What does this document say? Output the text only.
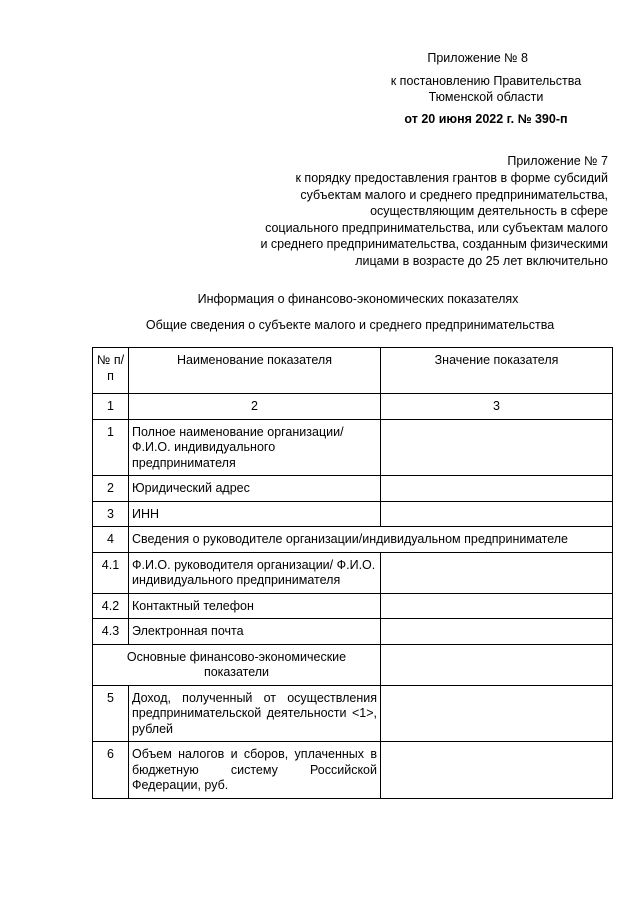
Приложение № 8
к постановлению Правительства
Тюменской области
от 20 июня 2022 г. № 390-п
Приложение № 7
к порядку предоставления грантов в форме субсидий
субъектам малого и среднего предпринимательства,
осуществляющим деятельность в сфере
социального предпринимательства, или субъектам малого
и среднего предпринимательства, созданным физическими
лицами в возрасте до 25 лет включительно
Информация о финансово-экономических показателях
Общие сведения о субъекте малого и среднего предпринимательства
№ п/п	Наименование показателя	Значение показателя
1	2	3
1	Полное наименование организации/ Ф.И.О. индивидуального предпринимателя	
2	Юридический адрес	
3	ИНН	
4	Сведения о руководителе организации/индивидуальном предпринимателе	
4.1	Ф.И.О. руководителя организации/ Ф.И.О. индивидуального предпринимателя	
4.2	Контактный телефон	
4.3	Электронная почта	
Основные финансово-экономические показатели		
5	Доход, полученный от осуществления предпринимательской деятельности <1>, рублей	
6	Объем налогов и сборов, уплаченных в бюджетную систему Российской Федерации, руб.	
